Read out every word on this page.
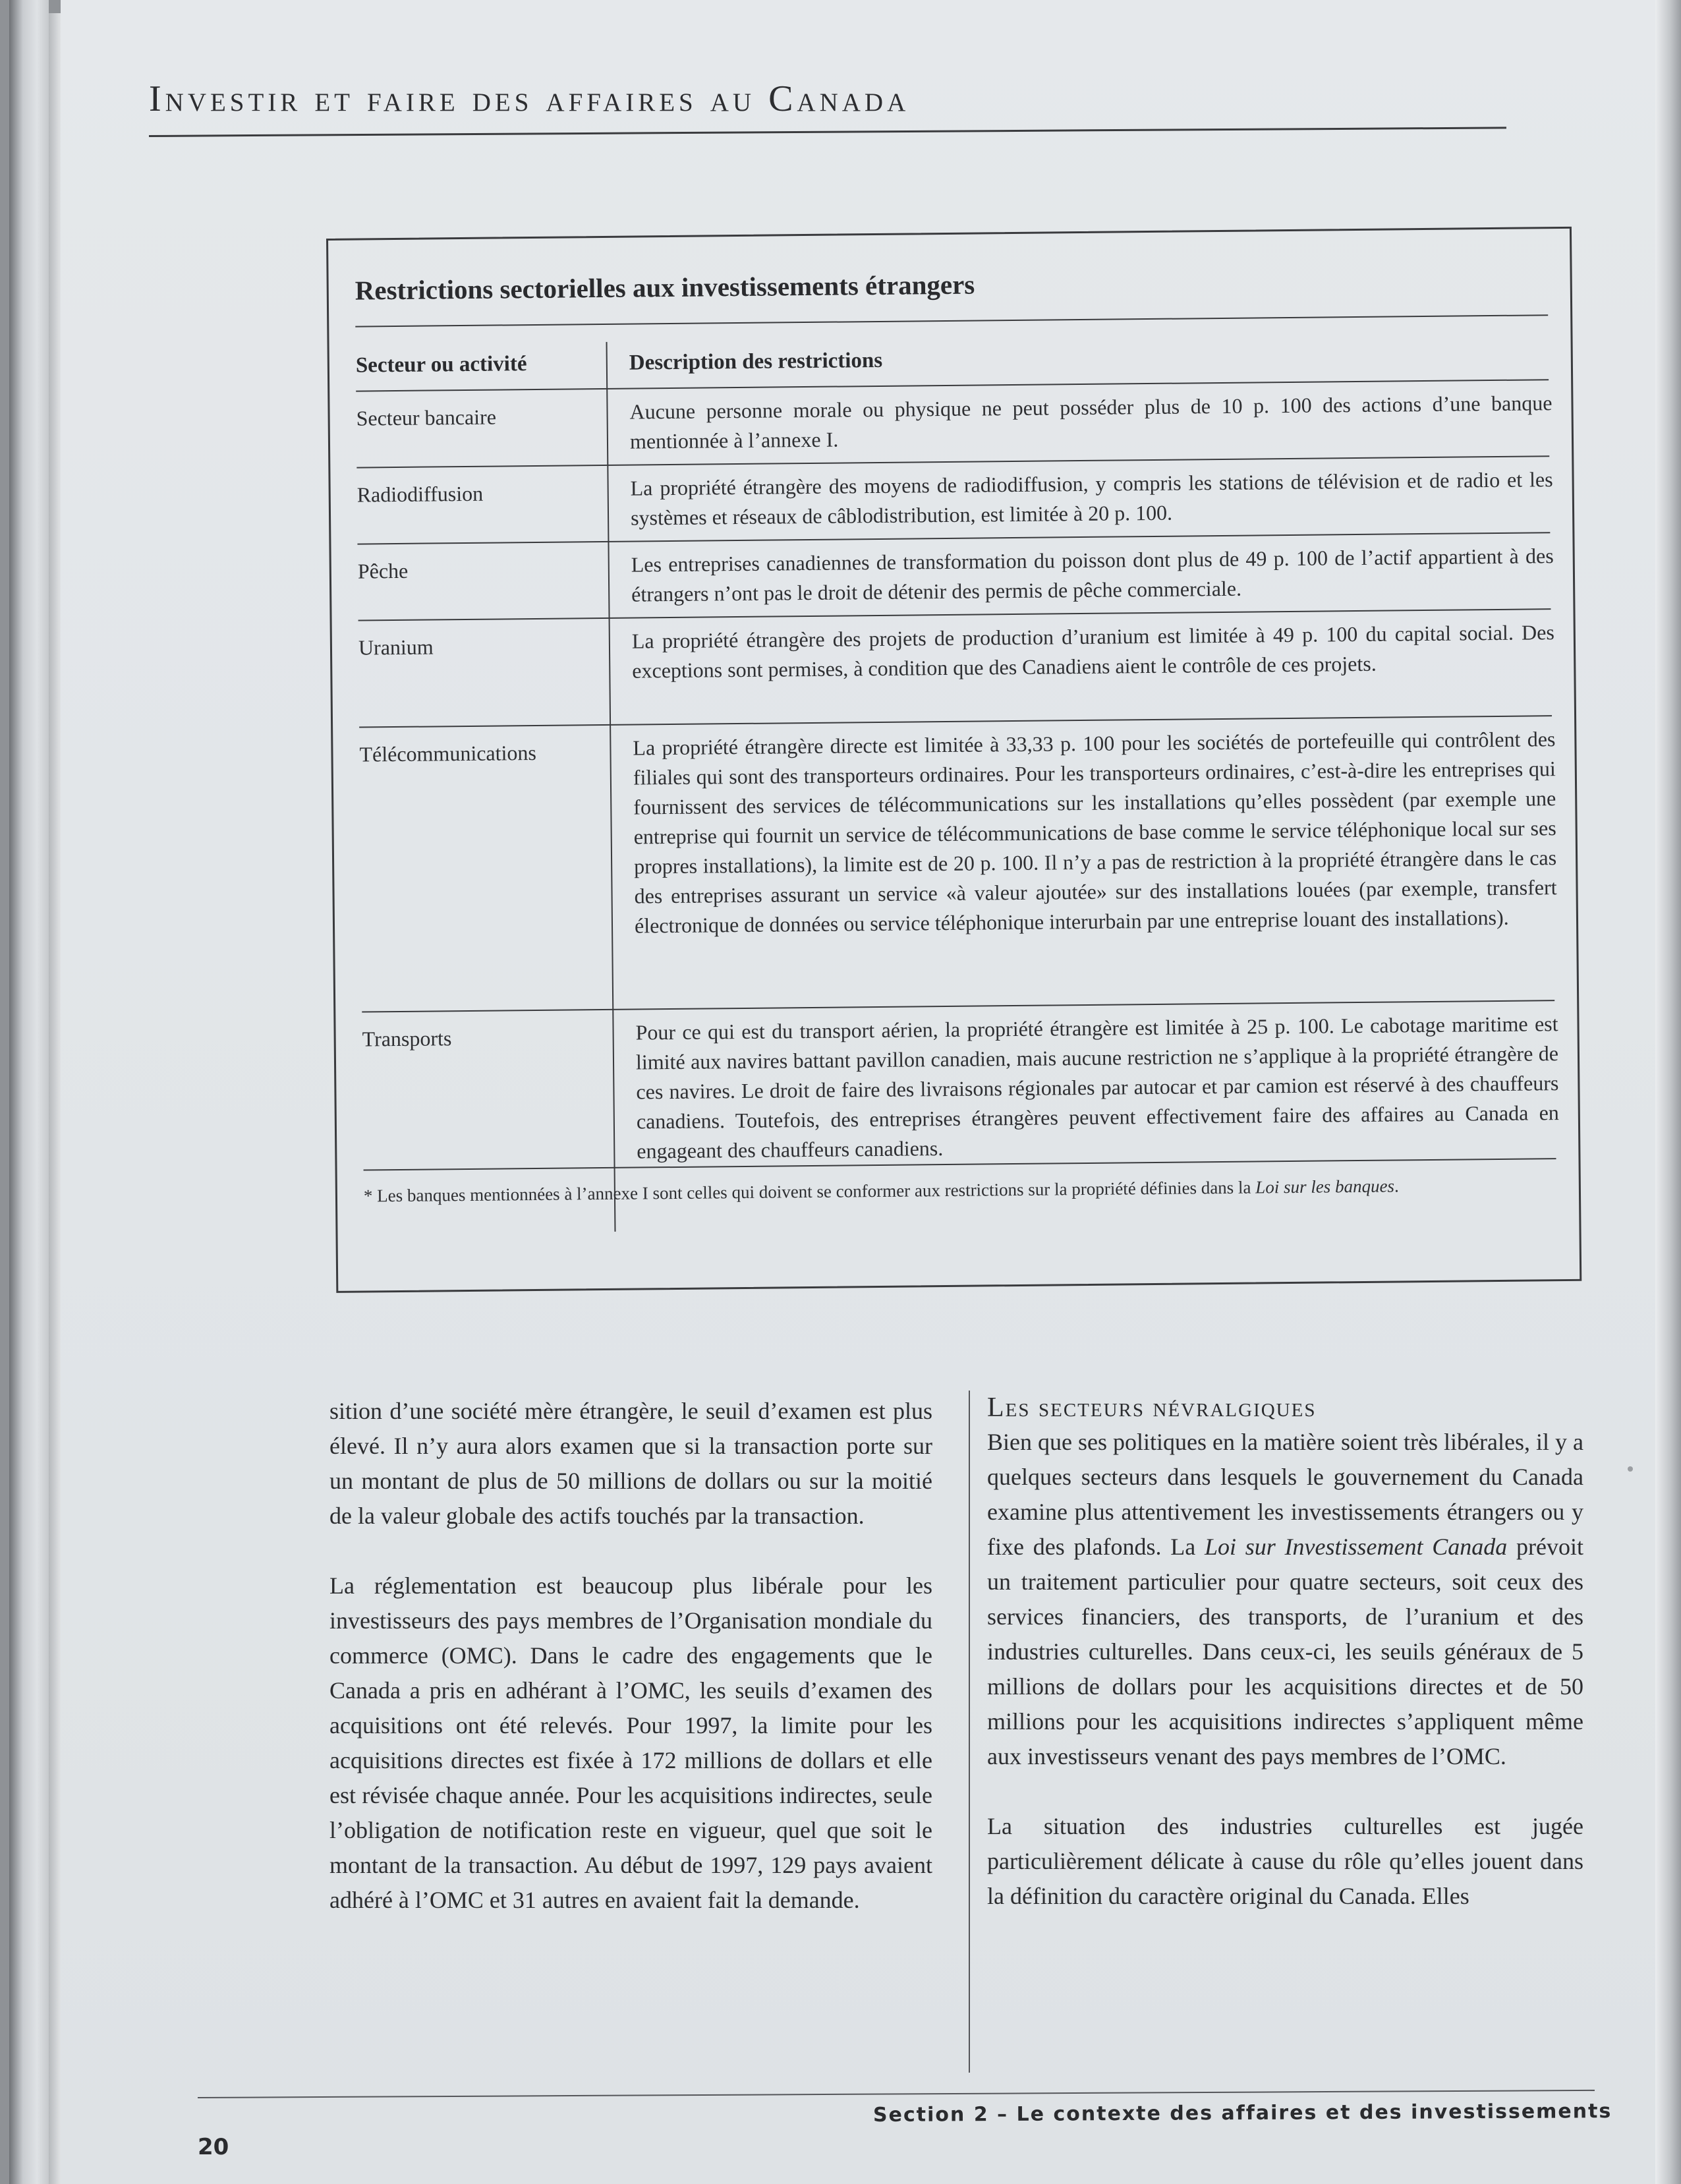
Investir et faire des affaires au Canada
Restrictions sectorielles aux investissements étrangers
Secteur ou activité	Description des restrictions
Secteur bancaire	Aucune personne morale ou physique ne peut posséder plus de 10 p. 100 des actions d’une banque mentionnée à l’annexe I.
Radiodiffusion	La propriété étrangère des moyens de radiodiffusion, y compris les stations de télévision et de radio et les systèmes et réseaux de câblodistribution, est limitée à 20 p. 100.
Pêche	Les entreprises canadiennes de transformation du poisson dont plus de 49 p. 100 de l’actif appartient à des étrangers n’ont pas le droit de détenir des permis de pêche commerciale.
Uranium	La propriété étrangère des projets de production d’uranium est limitée à 49 p. 100 du capital social. Des exceptions sont permises, à condition que des Canadiens aient le contrôle de ces projets.
Télécommunications	La propriété étrangère directe est limitée à 33,33 p. 100 pour les sociétés de portefeuille qui contrôlent des filiales qui sont des transporteurs ordinaires. Pour les transporteurs ordinaires, c’est-à-dire les entreprises qui fournissent des services de télécommunications sur les installations qu’elles possèdent (par exemple une entreprise qui fournit un service de télécommunications de base comme le service téléphonique local sur ses propres installations), la limite est de 20 p. 100. Il n’y a pas de restriction à la propriété étrangère dans le cas des entreprises assurant un service «à valeur ajoutée» sur des installations louées (par exemple, transfert électronique de données ou service téléphonique interurbain par une entreprise louant des installations).
Transports	Pour ce qui est du transport aérien, la propriété étrangère est limitée à 25 p. 100. Le cabotage maritime est limité aux navires battant pavillon canadien, mais aucune restriction ne s’applique à la propriété étrangère de ces navires. Le droit de faire des livraisons régionales par autocar et par camion est réservé à des chauffeurs canadiens. Toutefois, des entreprises étrangères peuvent effectivement faire des affaires au Canada en engageant des chauffeurs canadiens.
* Les banques mentionnées à l’annexe I sont celles qui doivent se conformer aux restrictions sur la propriété définies dans la Loi sur les banques.

sition d’une société mère étrangère, le seuil d’examen est plus élevé. Il n’y aura alors examen que si la transaction porte sur un montant de plus de 50 millions de dollars ou sur la moitié de la valeur globale des actifs touchés par la transaction.

La réglementation est beaucoup plus libérale pour les investisseurs des pays membres de l’Organisation mondiale du commerce (OMC). Dans le cadre des engagements que le Canada a pris en adhérant à l’OMC, les seuils d’examen des acquisitions ont été relevés. Pour 1997, la limite pour les acquisitions directes est fixée à 172 millions de dollars et elle est révisée chaque année. Pour les acquisitions indirectes, seule l’obligation de notification reste en vigueur, quel que soit le montant de la transaction. Au début de 1997, 129 pays avaient adhéré à l’OMC et 31 autres en avaient fait la demande.

Les secteurs névralgiques

Bien que ses politiques en la matière soient très libérales, il y a quelques secteurs dans lesquels le gouvernement du Canada examine plus attentivement les investissements étrangers ou y fixe des plafonds. La Loi sur Investissement Canada prévoit un traitement particulier pour quatre secteurs, soit ceux des services financiers, des transports, de l’uranium et des industries culturelles. Dans ceux-ci, les seuils généraux de 5 millions de dollars pour les acquisitions directes et de 50 millions pour les acquisitions indirectes s’appliquent même aux investisseurs venant des pays membres de l’OMC.

La situation des industries culturelles est jugée particulièrement délicate à cause du rôle qu’elles jouent dans la définition du caractère original du Canada. Elles

20
Section 2 – Le contexte des affaires et des investissements
